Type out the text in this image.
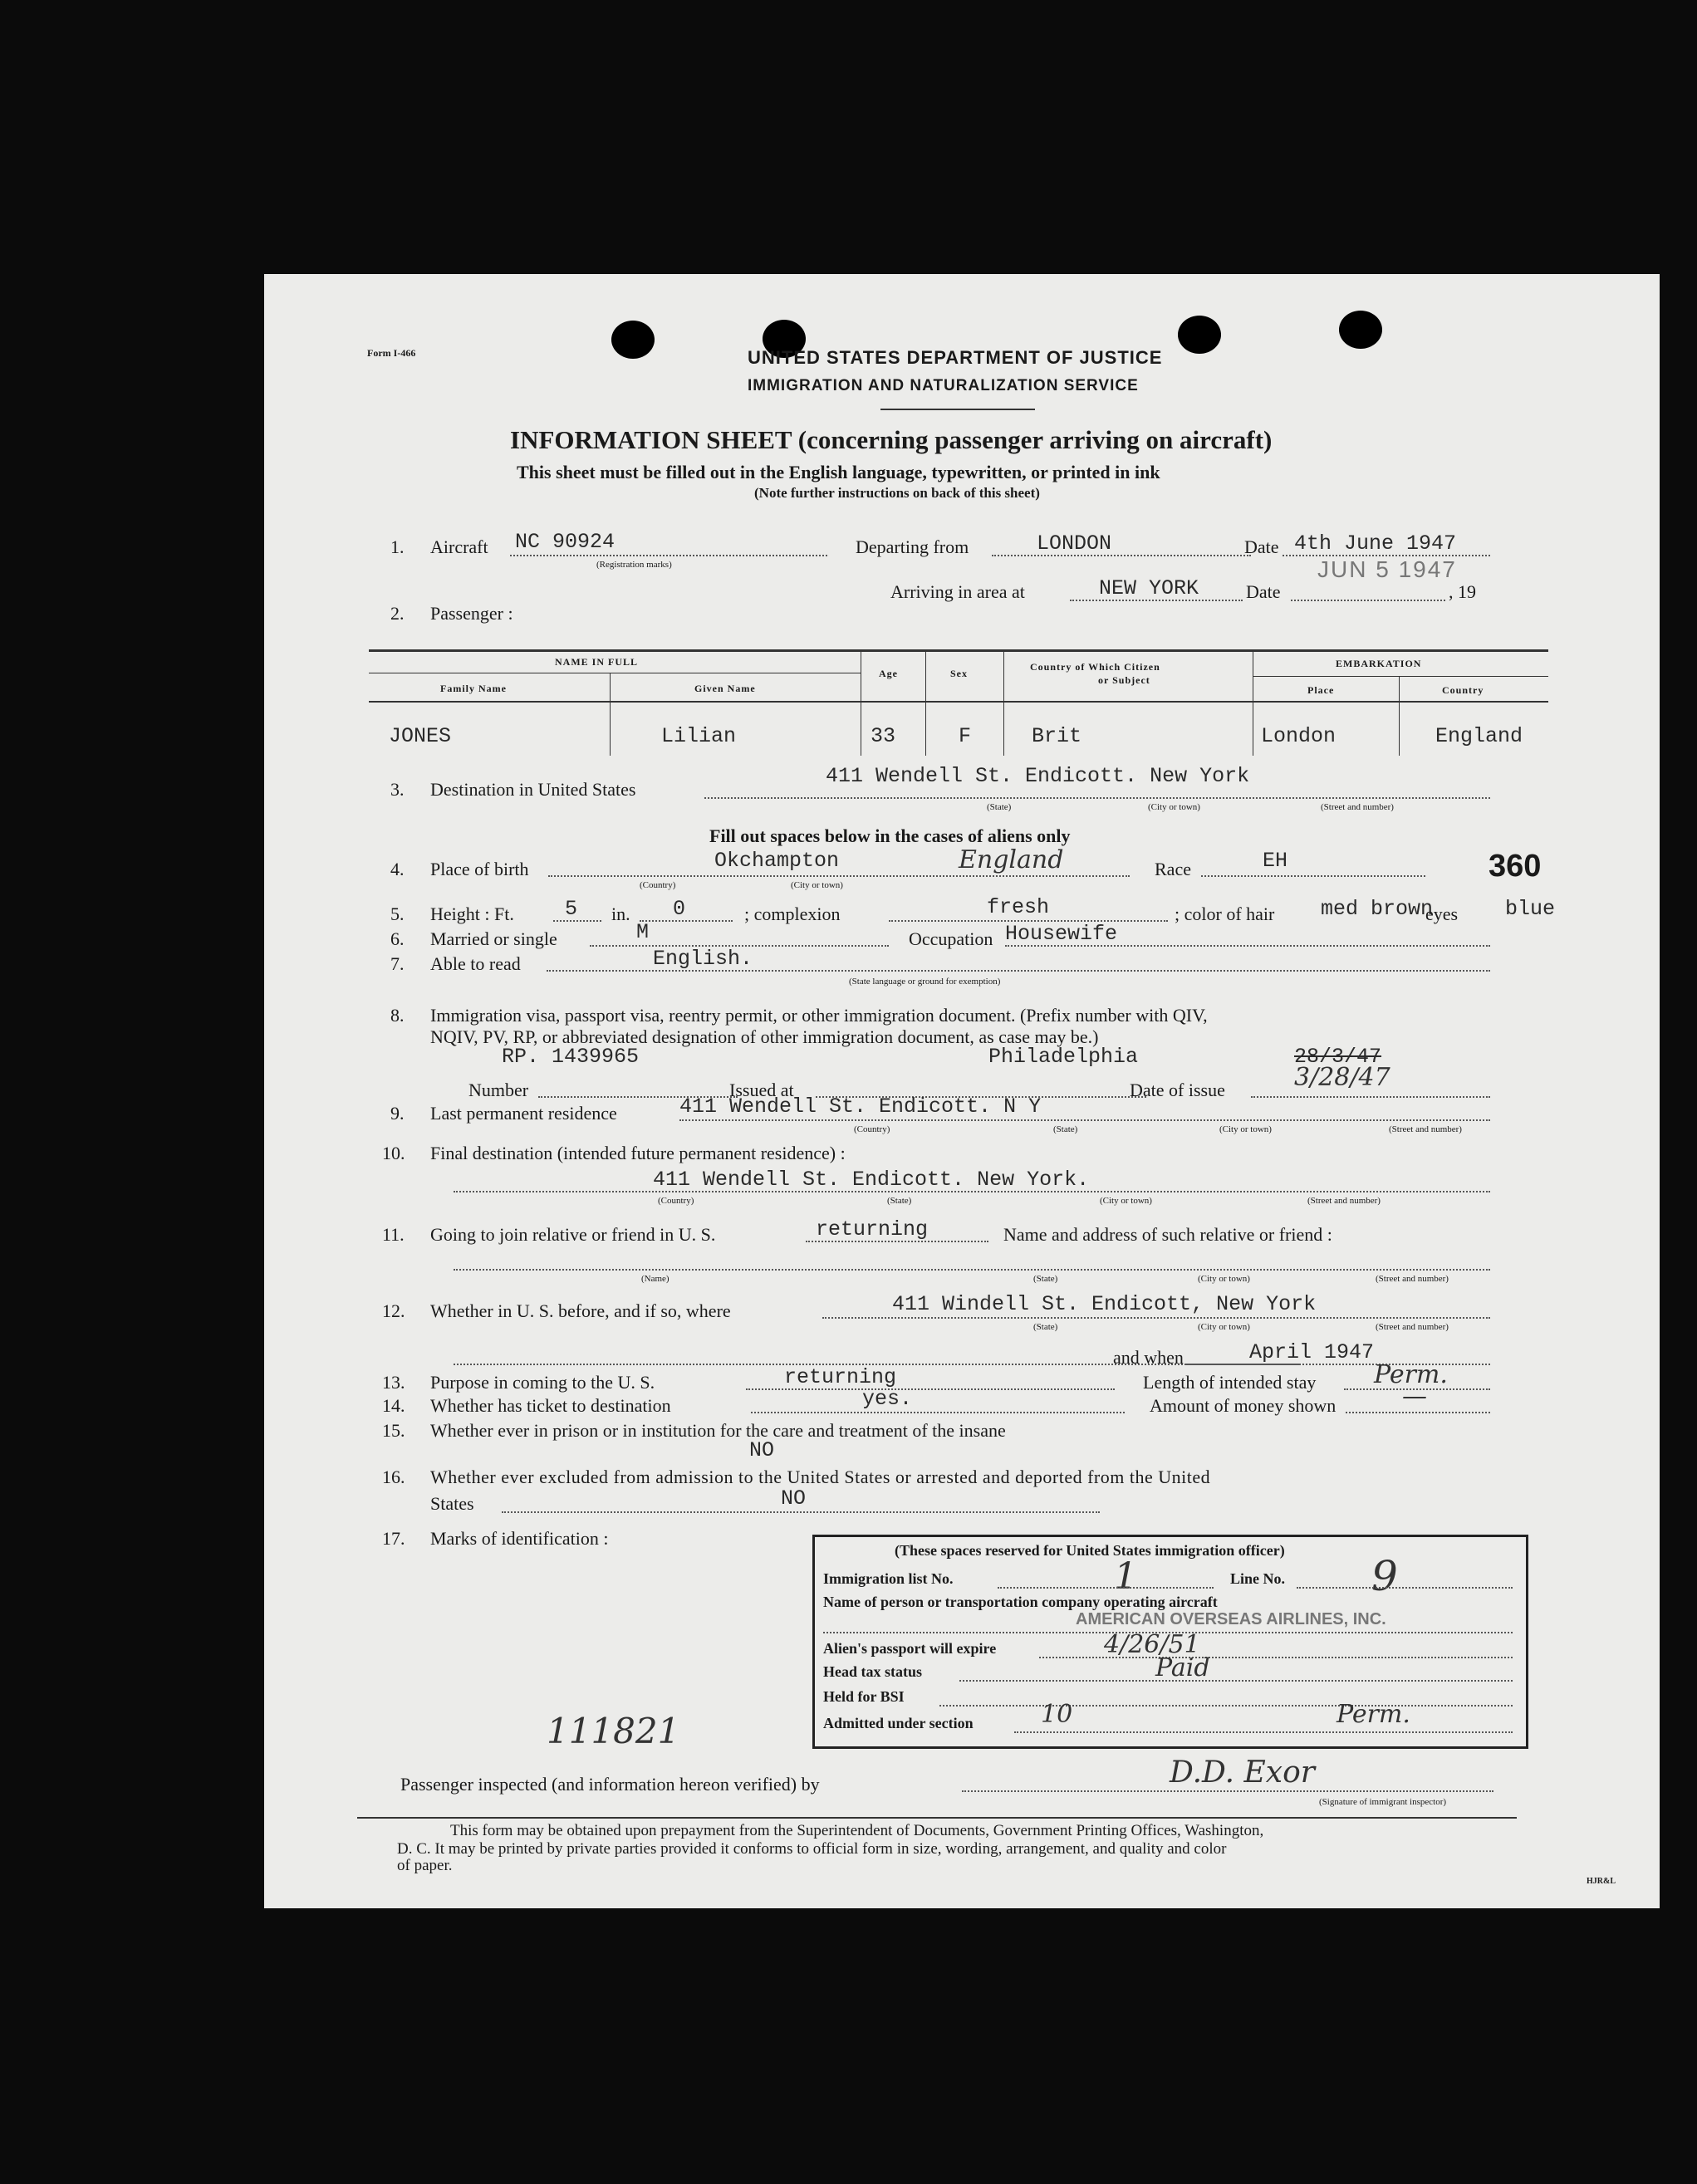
Form I-466	UNITED STATES DEPARTMENT OF JUSTICE
IMMIGRATION AND NATURALIZATION SERVICE
INFORMATION SHEET (concerning passenger arriving on aircraft)
This sheet must be filled out in the English language, typewritten, or printed in ink
(Note further instructions on back of this sheet)
1. Aircraft NC 90924
(Registration marks)
Departing from	LONDON	Date 4th June 1947
Arriving in area at	NEW YORK	Date
JUN 5 1947
, 19
2. Passenger :
NAME IN FULL
Family Name	Given Name
Age	Sex
Country of Which Citizen
or Subject
EMBARKATION
Place	Country
JONES	Lilian	33	F	Brit	London	England
3. Destination in United States
411 Wendell St. Endicott. New York
(State)	(City or town)	(Street and number)
Fill out spaces below in the cases of aliens only
4. Place of birth	Okchampton	England
(Country)	(City or town)
Race	EH	360
5. Height : Ft. 5 in. 0	; complexion	fresh	; color of hair med brown
eyes blue
6. Married or single	M	Occupation Housewife
7. Able to read	English.
(State language or ground for exemption)
8. Immigration visa, passport visa, reentry permit, or other immigration document. (Prefix number with QIV,
NQIV, PV, RP, or abbreviated designation of other immigration document, as case may be.)
RP. 1439965	Philadelphia	28/3/47
3/28/47
Number	Issued at	Date of issue
9. Last permanent residence	411 Wendell St. Endicott. N Y
(Country)	(State)	(City or town)	(Street and number)
10. Final destination (intended future permanent residence) :
411 Wendell St. Endicott. New York.
(Country)	(State)	(City or town)	(Street and number)
11. Going to join relative or friend in U. S.	returning	Name and address of such relative or friend :
(Name)	(State)	(City or town)	(Street and number)
12. Whether in U. S. before, and if so, where	411 Windell St. Endicott, New York
(State)	(City or town)	(Street and number)
and when	April 1947
13. Purpose in coming to the U. S.	returning	Length of intended stay Perm.
14. Whether has ticket to destination	yes.	Amount of money shown	—
15. Whether ever in prison or in institution for the care and treatment of the insane
NO
16. Whether ever excluded from admission to the United States or arrested and deported from the United
States	NO
17. Marks of identification :
(These spaces reserved for United States immigration officer)
Immigration list No.	1	Line No. 9
Name of person or transportation company operating aircraft
AMERICAN OVERSEAS AIRLINES, INC.
Alien's passport will expire	4/26/51
Head tax status	Paid
Held for BSI
Admitted under section	10	Perm.
111821
Passenger inspected (and information hereon verified) by	D.D. Exor
(Signature of immigrant inspector)
This form may be obtained upon prepayment from the Superintendent of Documents, Government Printing Offices, Washington,
D. C. It may be printed by private parties provided it conforms to official form in size, wording, arrangement, and quality and color
of paper.
HJR&L
